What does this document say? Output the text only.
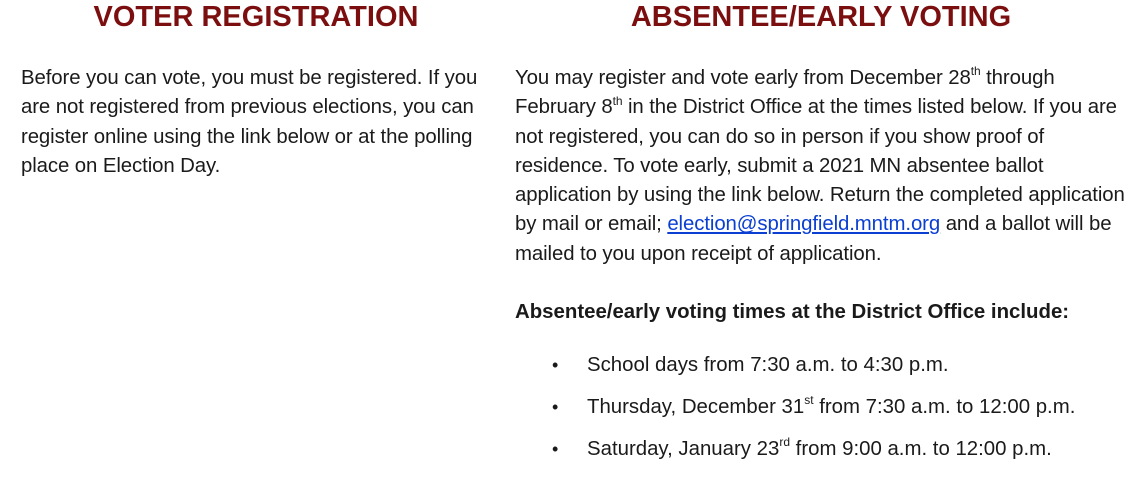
VOTER REGISTRATION

Before you can vote, you must be registered. If you are not registered from previous elections, you can register online using the link below or at the polling place on Election Day.

ABSENTEE/EARLY VOTING

You may register and vote early from December 28th through February 8th in the District Office at the times listed below. If you are not registered, you can do so in person if you show proof of residence. To vote early, submit a 2021 MN absentee ballot application by using the link below. Return the completed application by mail or email; election@springfield.mntm.org and a ballot will be mailed to you upon receipt of application.

Absentee/early voting times at the District Office include:

• School days from 7:30 a.m. to 4:30 p.m.
• Thursday, December 31st from 7:30 a.m. to 12:00 p.m.
• Saturday, January 23rd from 9:00 a.m. to 12:00 p.m.
